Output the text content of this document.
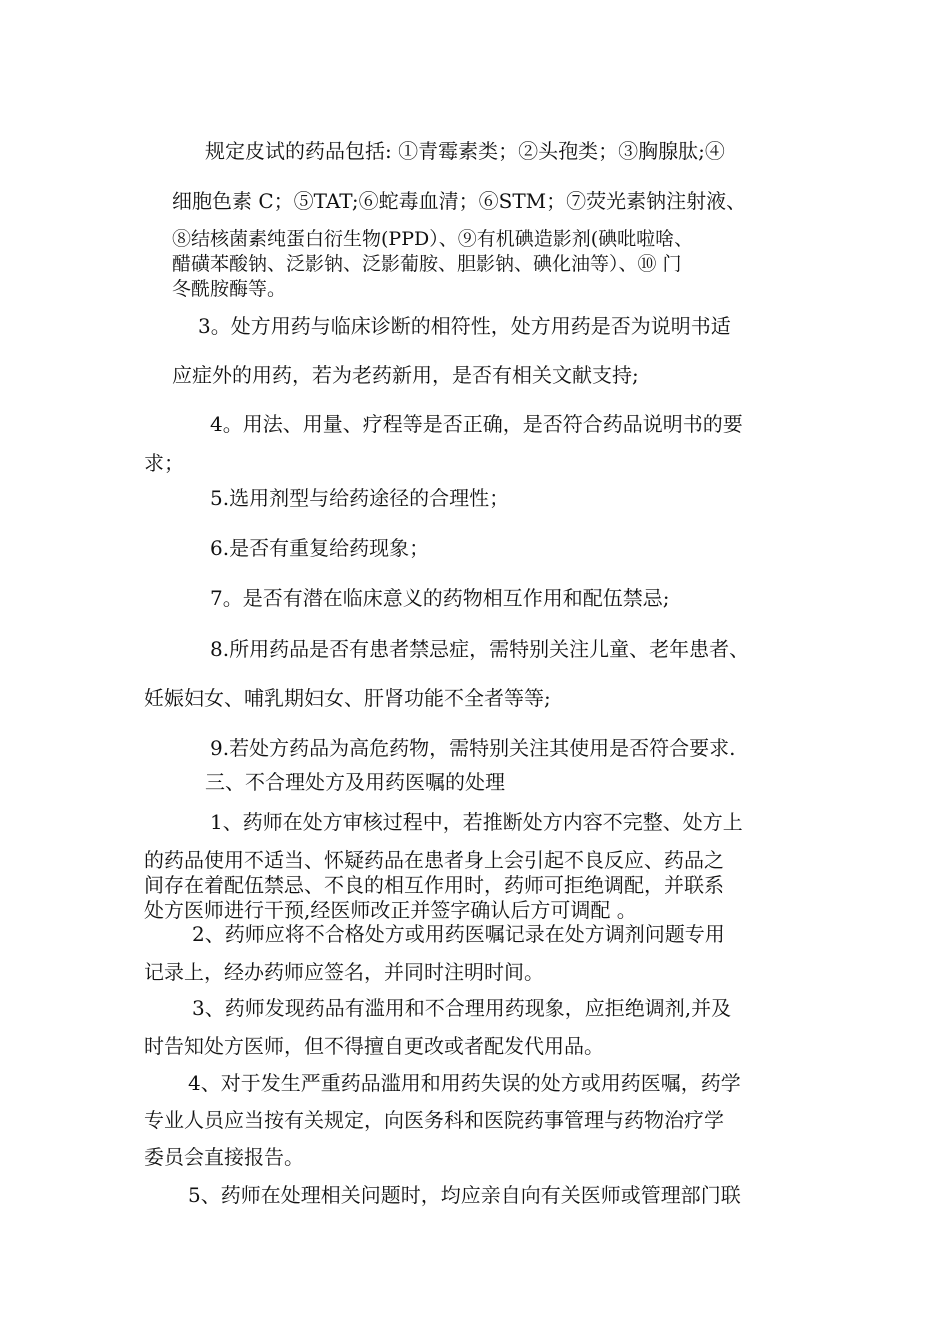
规定皮试的药品包括: ①青霉素类；②头孢类；③胸腺肽;④

细胞色素 C；⑤TAT;⑥蛇毒血清；⑥STM；⑦荧光素钠注射液、

⑧结核菌素纯蛋白衍生物(PPD）、⑨有机碘造影剂(碘吡啦啥、

醋磺苯酸钠、泛影钠、泛影葡胺、胆影钠、碘化油等）、⑩ 门

冬酰胺酶等。

3。处方用药与临床诊断的相符性，处方用药是否为说明书适

应症外的用药，若为老药新用，是否有相关文献支持;

4。用法、用量、疗程等是否正确，是否符合药品说明书的要

求；

5.选用剂型与给药途径的合理性；

6.是否有重复给药现象；

7。是否有潜在临床意义的药物相互作用和配伍禁忌;

8.所用药品是否有患者禁忌症，需特别关注儿童、老年患者、

妊娠妇女、哺乳期妇女、肝肾功能不全者等等;

9.若处方药品为高危药物，需特别关注其使用是否符合要求.

三、不合理处方及用药医嘱的处理

1、药师在处方审核过程中，若推断处方内容不完整、处方上

的药品使用不适当、怀疑药品在患者身上会引起不良反应、药品之

间存在着配伍禁忌、不良的相互作用时，药师可拒绝调配，并联系

处方医师进行干预,经医师改正并签字确认后方可调配 。

2、药师应将不合格处方或用药医嘱记录在处方调剂问题专用

记录上，经办药师应签名，并同时注明时间。

3、药师发现药品有滥用和不合理用药现象，应拒绝调剂,并及

时告知处方医师，但不得擅自更改或者配发代用品。

4、对于发生严重药品滥用和用药失误的处方或用药医嘱，药学

专业人员应当按有关规定，向医务科和医院药事管理与药物治疗学

委员会直接报告。

5、药师在处理相关问题时，均应亲自向有关医师或管理部门联
